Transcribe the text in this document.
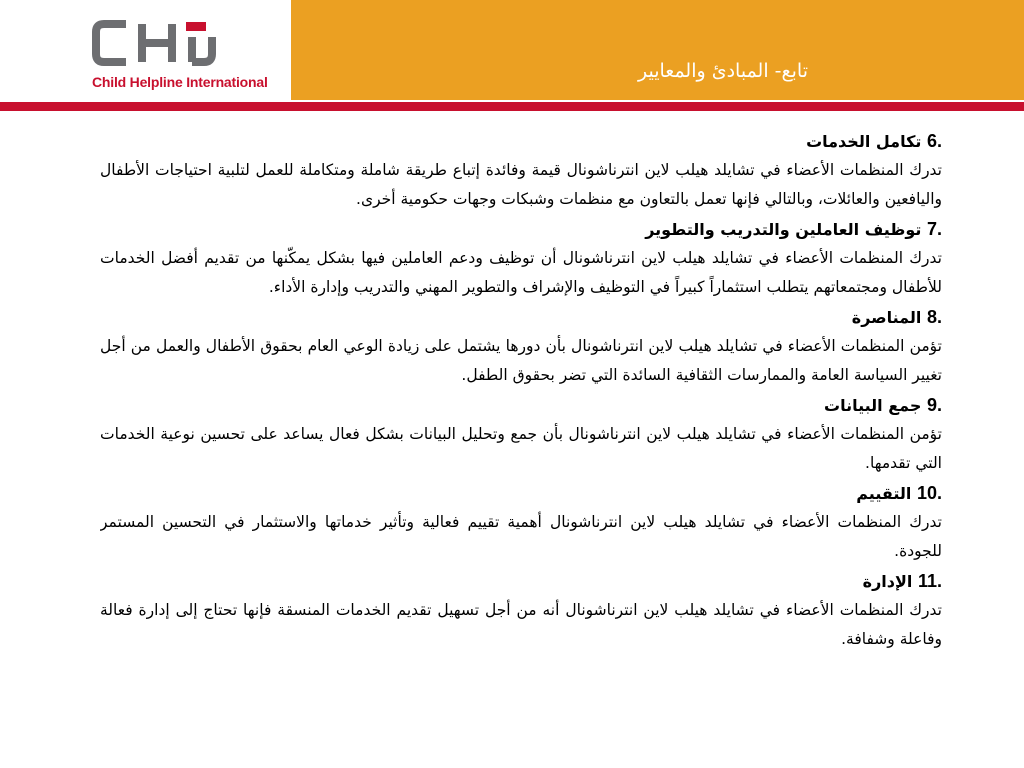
Child Helpline International	تابع- المبادئ والمعايير
6. تكامل الخدمات

تدرك المنظمات الأعضاء في تشايلد هيلب لاين انترناشونال قيمة وفائدة إتباع طريقة شاملة ومتكاملة للعمل لتلبية احتياجات الأطفال واليافعين والعائلات، وبالتالي فإنها تعمل بالتعاون مع منظمات وشبكات وجهات حكومية أخرى.

7. توظيف العاملين والتدريب والتطوير

تدرك المنظمات الأعضاء في تشايلد هيلب لاين انترناشونال أن توظيف ودعم العاملين فيها بشكل يمكّنها من تقديم أفضل الخدمات للأطفال ومجتمعاتهم يتطلب استثماراً كبيراً في التوظيف والإشراف والتطوير المهني والتدريب وإدارة الأداء.

8. المناصرة

تؤمن المنظمات الأعضاء في تشايلد هيلب لاين انترناشونال بأن دورها يشتمل على زيادة الوعي العام بحقوق الأطفال والعمل من أجل تغيير السياسة العامة والممارسات الثقافية السائدة التي تضر بحقوق الطفل.

9. جمع البيانات

تؤمن المنظمات الأعضاء في تشايلد هيلب لاين انترناشونال بأن جمع وتحليل البيانات بشكل فعال يساعد على تحسين نوعية الخدمات التي تقدمها.

10. التقييم

تدرك المنظمات الأعضاء في تشايلد هيلب لاين انترناشونال أهمية تقييم فعالية وتأثير خدماتها والاستثمار في التحسين المستمر للجودة.

11. الإدارة

تدرك المنظمات الأعضاء في تشايلد هيلب لاين انترناشونال أنه من أجل تسهيل تقديم الخدمات المنسقة فإنها تحتاج إلى إدارة فعالة وفاعلة وشفافة.
